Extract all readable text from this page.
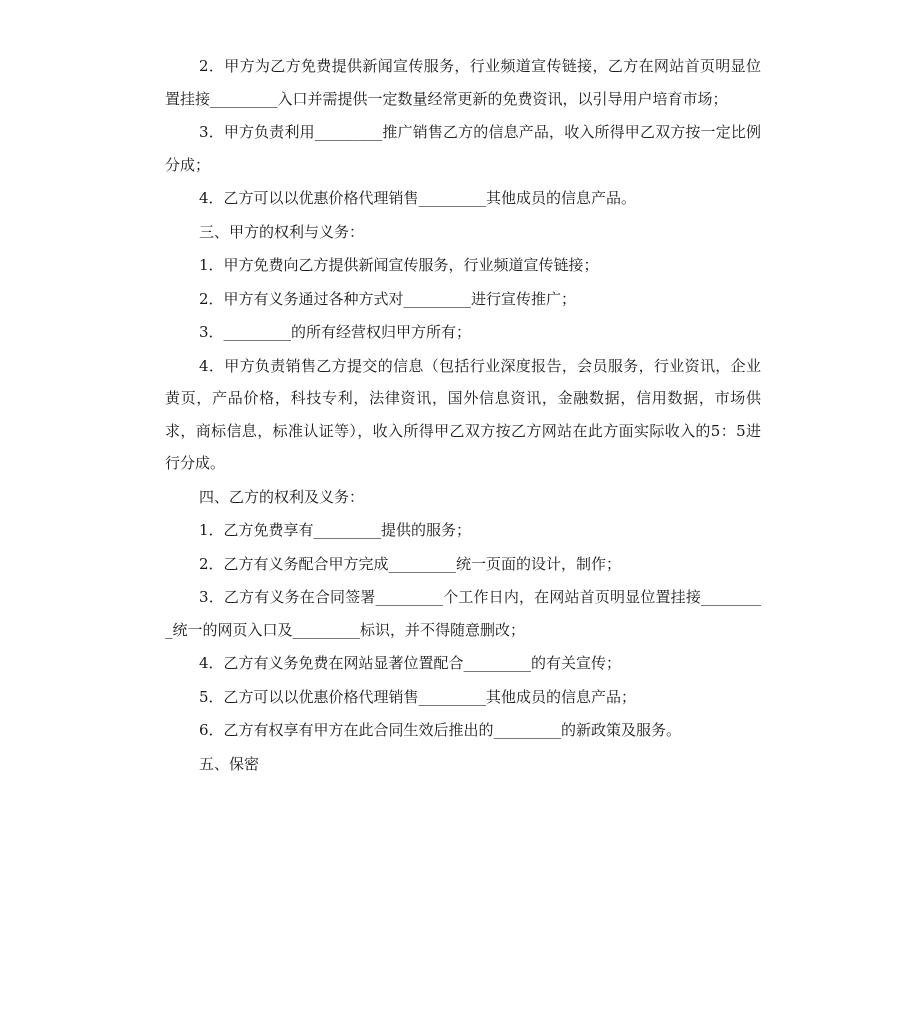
2．甲方为乙方免费提供新闻宣传服务，行业频道宣传链接，乙方在网站首页明显位置挂接_________入口并需提供一定数量经常更新的免费资讯，以引导用户培育市场；

3．甲方负责利用_________推广销售乙方的信息产品，收入所得甲乙双方按一定比例分成；

4．乙方可以以优惠价格代理销售_________其他成员的信息产品。

三、甲方的权利与义务：

1．甲方免费向乙方提供新闻宣传服务，行业频道宣传链接；

2．甲方有义务通过各种方式对_________进行宣传推广；

3．_________的所有经营权归甲方所有；

4．甲方负责销售乙方提交的信息（包括行业深度报告，会员服务，行业资讯，企业黄页，产品价格，科技专利，法律资讯，国外信息资讯，金融数据，信用数据，市场供求，商标信息，标准认证等），收入所得甲乙双方按乙方网站在此方面实际收入的5：5进行分成。

四、乙方的权利及义务：

1．乙方免费享有_________提供的服务；

2．乙方有义务配合甲方完成_________统一页面的设计，制作；

3．乙方有义务在合同签署_________个工作日内，在网站首页明显位置挂接_________统一的网页入口及_________标识，并不得随意删改；

4．乙方有义务免费在网站显著位置配合_________的有关宣传；

5．乙方可以以优惠价格代理销售_________其他成员的信息产品；

6．乙方有权享有甲方在此合同生效后推出的_________的新政策及服务。

五、保密
